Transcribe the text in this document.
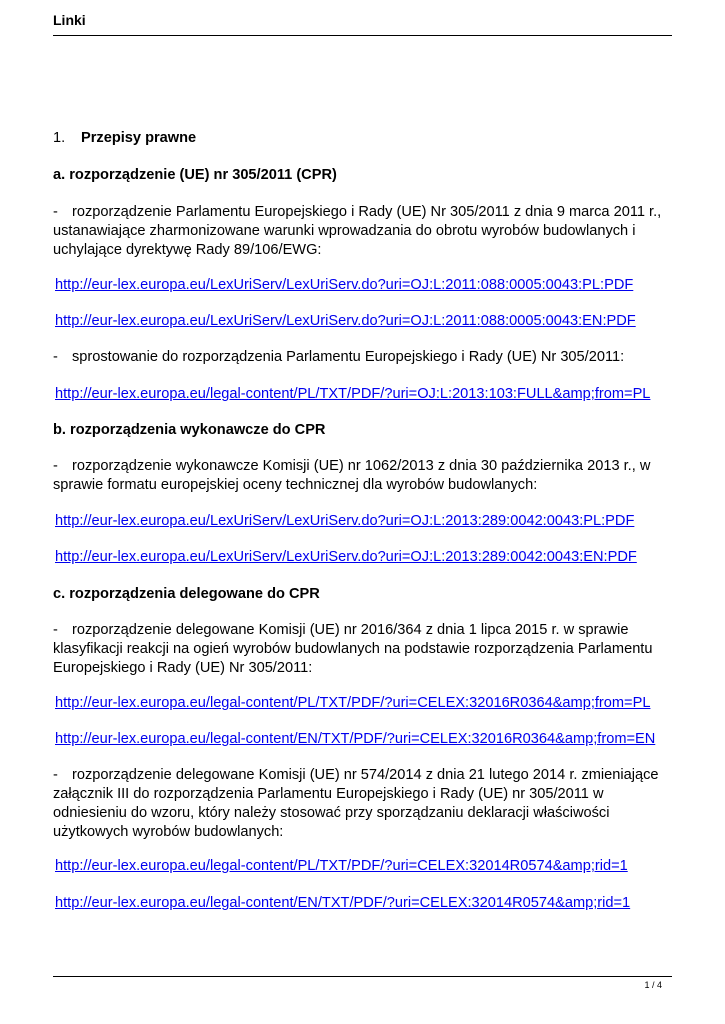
Linki
1. Przepisy prawne
a. rozporządzenie (UE) nr 305/2011 (CPR)
- rozporządzenie Parlamentu Europejskiego i Rady (UE) Nr 305/2011 z dnia 9 marca 2011 r., ustanawiające zharmonizowane warunki wprowadzania do obrotu wyrobów budowlanych i uchylające dyrektywę Rady 89/106/EWG:
http://eur-lex.europa.eu/LexUriServ/LexUriServ.do?uri=OJ:L:2011:088:0005:0043:PL:PDF
http://eur-lex.europa.eu/LexUriServ/LexUriServ.do?uri=OJ:L:2011:088:0005:0043:EN:PDF
- sprostowanie do rozporządzenia Parlamentu Europejskiego i Rady (UE) Nr 305/2011:
http://eur-lex.europa.eu/legal-content/PL/TXT/PDF/?uri=OJ:L:2013:103:FULL&amp;from=PL
b. rozporządzenia wykonawcze do CPR
- rozporządzenie wykonawcze Komisji (UE) nr 1062/2013 z dnia 30 października 2013 r., w sprawie formatu europejskiej oceny technicznej dla wyrobów budowlanych:
http://eur-lex.europa.eu/LexUriServ/LexUriServ.do?uri=OJ:L:2013:289:0042:0043:PL:PDF
http://eur-lex.europa.eu/LexUriServ/LexUriServ.do?uri=OJ:L:2013:289:0042:0043:EN:PDF
c. rozporządzenia delegowane do CPR
- rozporządzenie delegowane Komisji (UE) nr 2016/364 z dnia 1 lipca 2015 r. w sprawie klasyfikacji reakcji na ogień wyrobów budowlanych na podstawie rozporządzenia Parlamentu Europejskiego i Rady (UE) Nr 305/2011:
http://eur-lex.europa.eu/legal-content/PL/TXT/PDF/?uri=CELEX:32016R0364&amp;from=PL
http://eur-lex.europa.eu/legal-content/EN/TXT/PDF/?uri=CELEX:32016R0364&amp;from=EN
- rozporządzenie delegowane Komisji (UE) nr 574/2014 z dnia 21 lutego 2014 r. zmieniające załącznik III do rozporządzenia Parlamentu Europejskiego i Rady (UE) nr 305/2011 w odniesieniu do wzoru, który należy stosować przy sporządzaniu deklaracji właściwości użytkowych wyrobów budowlanych:
http://eur-lex.europa.eu/legal-content/PL/TXT/PDF/?uri=CELEX:32014R0574&amp;rid=1
http://eur-lex.europa.eu/legal-content/EN/TXT/PDF/?uri=CELEX:32014R0574&amp;rid=1
1 / 4
